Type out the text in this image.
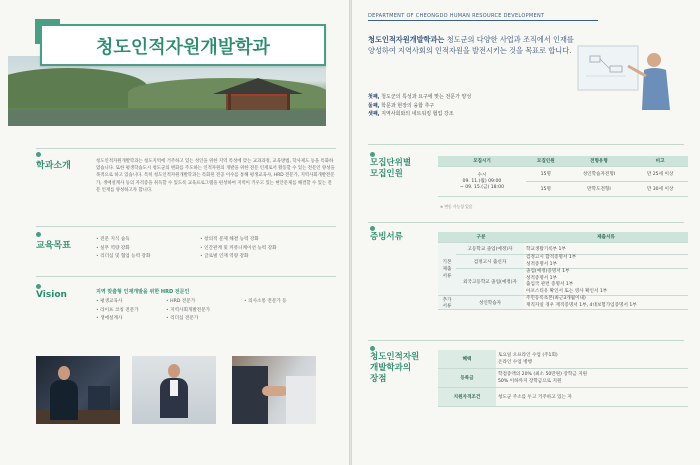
청도인적자원개발학과
학과소개	청도인적자원개발학과는 청도지역에 거주하고 있는 성인을 위한 지역 특성에 맞는 교과과정, 교육방법, 학사제도 등을 특화하였습니다. 또한 평생학습도시 청도군의 변화를 주도하는 인적자원의 개발을 위한 전문 인재로서 활동할 수 있는 전문인 양성을 목적으로 하고 있습니다. 특히 청도인적자원개발학과는 특화된 전공 이수를 통해 평생교육사, HRD 전문가, 지역사회개발전문가, 생애설계사 등의 자격증을 취득할 수 있도록 교육프로그램을 편성하여 지역이 키우고 있는 현안문제를 해결할 수 있는 전문 인재를 양성하고자 합니다.
교육목표
• 전문 지식 습득
• 실무 역량 강화
• 리더십 및 협업 능력 강화
• 창의적 문제 해결 능력 강화
• 인간관계 및 커뮤니케이션 능력 강화
• 글로벌 인재 역량 강화
Vision	지역 맞춤형 인재개발을 위한 HRD 전문인
• 평생교육사
• 라이프 코칭 전문가
• 생애설계사
• HRD 전문가
• 지역사회개발전문가
• 리더십 전문가
• 의사소통 전문가 등
DEPARTMENT OF CHEONGDO HUMAN RESOURCE DEVELOPMENT
청도인적자원개발학과는 청도군의 다양한 사업과 조직에서 인재를 양성하여 지역사회의 인적자원을 발전시키는 것을 목표로 합니다.
첫째, 청도군의 특성과 요구에 맞는 전문가 양성
둘째, 학문과 현장의 융합 추구
셋째, 지역사회와의 네트워킹 협업 강조
모집단위별
모집인원
모집시기	모집인원	전형유형	비고

수시
09. 11.(월) 09:00
~ 09. 15.(금) 18:00	15명	성인학습자전형Ⅰ	만 25세 이상
	15명	만학도전형Ⅰ	만 30세 이상
※ 변동 가능성 있음
증빙서류	구분		제출서류
기본 제출 서류	고등학교 졸업(예정)자	학교생활기록부 1부
	검정고시 출신자	검정고시 합격증명서 1부
성적증명서 1부

	외국고등학교 졸업(예정)자	졸업(예정)증명서 1부
성적증명서 1부
출입국 관련 증명서 1부
아포스티유 확인서 또는 영사 확인서 1부

추가 서류	성인학습자	주민등록초본(최근3개월이내)
재직자일 경우 재직증명서 1부, 4대보험가입증명서 1부
청도인적자원
개발학과의
장점
혜택	토요일 오프라인 수업 (주1회)
온라인 수업 병행

등록금	학점증액의 20% (최소 50만원) 장학금 지원
50% 이하까지 장학금으로 지원

지원자격조건	청도군 주소를 두고 거주하고 있는 자
